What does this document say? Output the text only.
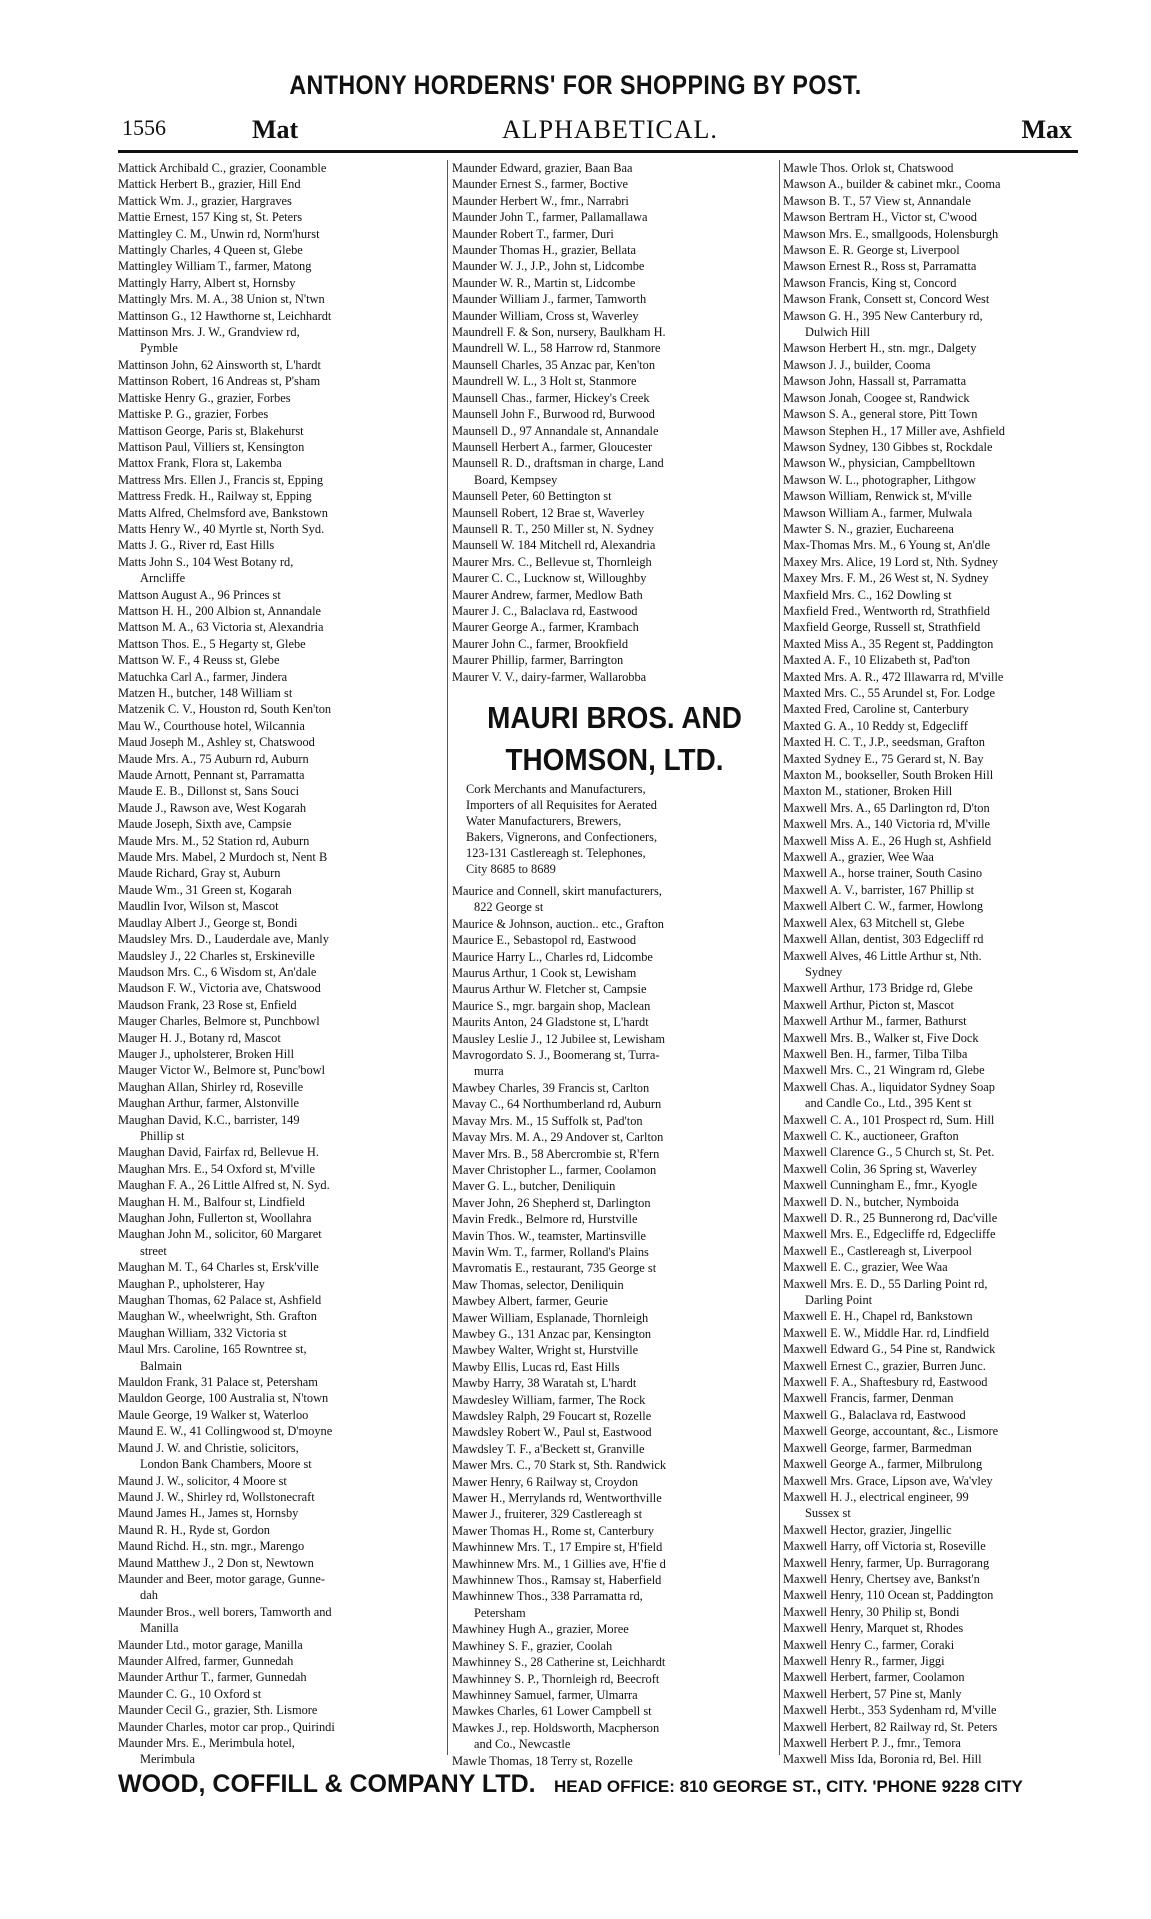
ANTHONY HORDERNS' FOR SHOPPING BY POST.
1556	Mat	ALPHABETICAL.	Max
Mattick Archibald C., grazier, Coonamble
Mattick Herbert B., grazier, Hill End
Mattick Wm. J., grazier, Hargraves
Mattie Ernest, 157 King st, St. Peters
Mattingley C. M., Unwin rd, Norm'hurst
Mattingly Charles, 4 Queen st, Glebe
Mattingley William T., farmer, Matong
Mattingly Harry, Albert st, Hornsby
Mattingly Mrs. M. A., 38 Union st, N'twn
Mattinson G., 12 Hawthorne st, Leichhardt
Mattinson Mrs. J. W., Grandview rd,
Pymble
Mattinson John, 62 Ainsworth st, L'hardt
Mattinson Robert, 16 Andreas st, P'sham
Mattiske Henry G., grazier, Forbes
Mattiske P. G., grazier, Forbes
Mattison George, Paris st, Blakehurst
Mattison Paul, Villiers st, Kensington
Mattox Frank, Flora st, Lakemba
Mattress Mrs. Ellen J., Francis st, Epping
Mattress Fredk. H., Railway st, Epping
Matts Alfred, Chelmsford ave, Bankstown
Matts Henry W., 40 Myrtle st, North Syd.
Matts J. G., River rd, East Hills
Matts John S., 104 West Botany rd,
Arncliffe
Mattson August A., 96 Princes st
Mattson H. H., 200 Albion st, Annandale
Mattson M. A., 63 Victoria st, Alexandria
Mattson Thos. E., 5 Hegarty st, Glebe
Mattson W. F., 4 Reuss st, Glebe
Matuchka Carl A., farmer, Jindera
Matzen H., butcher, 148 William st
Matzenik C. V., Houston rd, South Ken'ton
Mau W., Courthouse hotel, Wilcannia
Maud Joseph M., Ashley st, Chatswood
Maude Mrs. A., 75 Auburn rd, Auburn
Maude Arnott, Pennant st, Parramatta
Maude E. B., Dillonst st, Sans Souci
Maude J., Rawson ave, West Kogarah
Maude Joseph, Sixth ave, Campsie
Maude Mrs. M., 52 Station rd, Auburn
Maude Mrs. Mabel, 2 Murdoch st, Nent B
Maude Richard, Gray st, Auburn
Maude Wm., 31 Green st, Kogarah
Maudlin Ivor, Wilson st, Mascot
Maudlay Albert J., George st, Bondi
Maudsley Mrs. D., Lauderdale ave, Manly
Maudsley J., 22 Charles st, Erskineville
Maudson Mrs. C., 6 Wisdom st, An'dale
Maudson F. W., Victoria ave, Chatswood
Maudson Frank, 23 Rose st, Enfield
Mauger Charles, Belmore st, Punchbowl
Mauger H. J., Botany rd, Mascot
Mauger J., upholsterer, Broken Hill
Mauger Victor W., Belmore st, Punc'bowl
Maughan Allan, Shirley rd, Roseville
Maughan Arthur, farmer, Alstonville
Maughan David, K.C., barrister, 149
Phillip st
Maughan David, Fairfax rd, Bellevue H.
Maughan Mrs. E., 54 Oxford st, M'ville
Maughan F. A., 26 Little Alfred st, N. Syd.
Maughan H. M., Balfour st, Lindfield
Maughan John, Fullerton st, Woollahra
Maughan John M., solicitor, 60 Margaret
street
Maughan M. T., 64 Charles st, Ersk'ville
Maughan P., upholsterer, Hay
Maughan Thomas, 62 Palace st, Ashfield
Maughan W., wheelwright, Sth. Grafton
Maughan William, 332 Victoria st
Maul Mrs. Caroline, 165 Rowntree st,
Balmain
Mauldon Frank, 31 Palace st, Petersham
Mauldon George, 100 Australia st, N'town
Maule George, 19 Walker st, Waterloo
Maund E. W., 41 Collingwood st, D'moyne
Maund J. W. and Christie, solicitors,
London Bank Chambers, Moore st
Maund J. W., solicitor, 4 Moore st
Maund J. W., Shirley rd, Wollstonecraft
Maund James H., James st, Hornsby
Maund R. H., Ryde st, Gordon
Maund Richd. H., stn. mgr., Marengo
Maund Matthew J., 2 Don st, Newtown
Maunder and Beer, motor garage, Gunne-
dah
Maunder Bros., well borers, Tamworth and
Manilla
Maunder Ltd., motor garage, Manilla
Maunder Alfred, farmer, Gunnedah
Maunder Arthur T., farmer, Gunnedah
Maunder C. G., 10 Oxford st
Maunder Cecil G., grazier, Sth. Lismore
Maunder Charles, motor car prop., Quirindi
Maunder Mrs. E., Merimbula hotel,
Merimbula
Maunder Edward, grazier, Baan Baa
Maunder Ernest S., farmer, Boctive
Maunder Herbert W., fmr., Narrabri
Maunder John T., farmer, Pallamallawa
Maunder Robert T., farmer, Duri
Maunder Thomas H., grazier, Bellata
Maunder W. J., J.P., John st, Lidcombe
Maunder W. R., Martin st, Lidcombe
Maunder William J., farmer, Tamworth
Maunder William, Cross st, Waverley
Maundrell F. & Son, nursery, Baulkham H.
Maundrell W. L., 58 Harrow rd, Stanmore
Maunsell Charles, 35 Anzac par, Ken'ton
Maundrell W. L., 3 Holt st, Stanmore
Maunsell Chas., farmer, Hickey's Creek
Maunsell John F., Burwood rd, Burwood
Maunsell D., 97 Annandale st, Annandale
Maunsell Herbert A., farmer, Gloucester
Maunsell R. D., draftsman in charge, Land
Board, Kempsey
Maunsell Peter, 60 Bettington st
Maunsell Robert, 12 Brae st, Waverley
Maunsell R. T., 250 Miller st, N. Sydney
Maunsell W. 184 Mitchell rd, Alexandria
Maurer Mrs. C., Bellevue st, Thornleigh
Maurer C. C., Lucknow st, Willoughby
Maurer Andrew, farmer, Medlow Bath
Maurer J. C., Balaclava rd, Eastwood
Maurer George A., farmer, Krambach
Maurer John C., farmer, Brookfield
Maurer Phillip, farmer, Barrington
Maurer V. V., dairy-farmer, Wallarobba
MAURI BROS. AND
THOMSON, LTD.
Cork Merchants and Manufacturers,
Importers of all Requisites for Aerated
Water Manufacturers, Brewers,
Bakers, Vignerons, and Confectioners,
123-131 Castlereagh st. Telephones,
City 8685 to 8689
Maurice and Connell, skirt manufacturers,
822 George st
Maurice & Johnson, auction.. etc., Grafton
Maurice E., Sebastopol rd, Eastwood
Maurice Harry L., Charles rd, Lidcombe
Maurus Arthur, 1 Cook st, Lewisham
Maurus Arthur W. Fletcher st, Campsie
Maurice S., mgr. bargain shop, Maclean
Maurits Anton, 24 Gladstone st, L'hardt
Mausley Leslie J., 12 Jubilee st, Lewisham
Mavrogordato S. J., Boomerang st, Turra-
murra
Mawbey Charles, 39 Francis st, Carlton
Mavay C., 64 Northumberland rd, Auburn
Mavay Mrs. M., 15 Suffolk st, Pad'ton
Mavay Mrs. M. A., 29 Andover st, Carlton
Maver Mrs. B., 58 Abercrombie st, R'fern
Maver Christopher L., farmer, Coolamon
Maver G. L., butcher, Deniliquin
Maver John, 26 Shepherd st, Darlington
Mavin Fredk., Belmore rd, Hurstville
Mavin Thos. W., teamster, Martinsville
Mavin Wm. T., farmer, Rolland's Plains
Mavromatis E., restaurant, 735 George st
Maw Thomas, selector, Deniliquin
Mawbey Albert, farmer, Geurie
Mawer William, Esplanade, Thornleigh
Mawbey G., 131 Anzac par, Kensington
Mawbey Walter, Wright st, Hurstville
Mawby Ellis, Lucas rd, East Hills
Mawby Harry, 38 Waratah st, L'hardt
Mawdesley William, farmer, The Rock
Mawdsley Ralph, 29 Foucart st, Rozelle
Mawdsley Robert W., Paul st, Eastwood
Mawdsley T. F., a'Beckett st, Granville
Mawer Mrs. C., 70 Stark st, Sth. Randwick
Mawer Henry, 6 Railway st, Croydon
Mawer H., Merrylands rd, Wentworthville
Mawer J., fruiterer, 329 Castlereagh st
Mawer Thomas H., Rome st, Canterbury
Mawhinnew Mrs. T., 17 Empire st, H'field
Mawhinnew Mrs. M., 1 Gillies ave, H'fie d
Mawhinnew Thos., Ramsay st, Haberfield
Mawhinnew Thos., 338 Parramatta rd,
Petersham
Mawhiney Hugh A., grazier, Moree
Mawhiney S. F., grazier, Coolah
Mawhinney S., 28 Catherine st, Leichhardt
Mawhinney S. P., Thornleigh rd, Beecroft
Mawhinney Samuel, farmer, Ulmarra
Mawkes Charles, 61 Lower Campbell st
Mawkes J., rep. Holdsworth, Macpherson
and Co., Newcastle
Mawle Thomas, 18 Terry st, Rozelle
Mawle Thos. Orlok st, Chatswood
Mawson A., builder & cabinet mkr., Cooma
Mawson B. T., 57 View st, Annandale
Mawson Bertram H., Victor st, C'wood
Mawson Mrs. E., smallgoods, Holensburgh
Mawson E. R. George st, Liverpool
Mawson Ernest R., Ross st, Parramatta
Mawson Francis, King st, Concord
Mawson Frank, Consett st, Concord West
Mawson G. H., 395 New Canterbury rd,
Dulwich Hill
Mawson Herbert H., stn. mgr., Dalgety
Mawson J. J., builder, Cooma
Mawson John, Hassall st, Parramatta
Mawson Jonah, Coogee st, Randwick
Mawson S. A., general store, Pitt Town
Mawson Stephen H., 17 Miller ave, Ashfield
Mawson Sydney, 130 Gibbes st, Rockdale
Mawson W., physician, Campbelltown
Mawson W. L., photographer, Lithgow
Mawson William, Renwick st, M'ville
Mawson William A., farmer, Mulwala
Mawter S. N., grazier, Euchareena
Max-Thomas Mrs. M., 6 Young st, An'dle
Maxey Mrs. Alice, 19 Lord st, Nth. Sydney
Maxey Mrs. F. M., 26 West st, N. Sydney
Maxfield Mrs. C., 162 Dowling st
Maxfield Fred., Wentworth rd, Strathfield
Maxfield George, Russell st, Strathfield
Maxted Miss A., 35 Regent st, Paddington
Maxted A. F., 10 Elizabeth st, Pad'ton
Maxted Mrs. A. R., 472 Illawarra rd, M'ville
Maxted Mrs. C., 55 Arundel st, For. Lodge
Maxted Fred, Caroline st, Canterbury
Maxted G. A., 10 Reddy st, Edgecliff
Maxted H. C. T., J.P., seedsman, Grafton
Maxted Sydney E., 75 Gerard st, N. Bay
Maxton M., bookseller, South Broken Hill
Maxton M., stationer, Broken Hill
Maxwell Mrs. A., 65 Darlington rd, D'ton
Maxwell Mrs. A., 140 Victoria rd, M'ville
Maxwell Miss A. E., 26 Hugh st, Ashfield
Maxwell A., grazier, Wee Waa
Maxwell A., horse trainer, South Casino
Maxwell A. V., barrister, 167 Phillip st
Maxwell Albert C. W., farmer, Howlong
Maxwell Alex, 63 Mitchell st, Glebe
Maxwell Allan, dentist, 303 Edgecliff rd
Maxwell Alves, 46 Little Arthur st, Nth.
Sydney
Maxwell Arthur, 173 Bridge rd, Glebe
Maxwell Arthur, Picton st, Mascot
Maxwell Arthur M., farmer, Bathurst
Maxwell Mrs. B., Walker st, Five Dock
Maxwell Ben. H., farmer, Tilba Tilba
Maxwell Mrs. C., 21 Wingram rd, Glebe
Maxwell Chas. A., liquidator Sydney Soap
and Candle Co., Ltd., 395 Kent st
Maxwell C. A., 101 Prospect rd, Sum. Hill
Maxwell C. K., auctioneer, Grafton
Maxwell Clarence G., 5 Church st, St. Pet.
Maxwell Colin, 36 Spring st, Waverley
Maxwell Cunningham E., fmr., Kyogle
Maxwell D. N., butcher, Nymboida
Maxwell D. R., 25 Bunnerong rd, Dac'ville
Maxwell Mrs. E., Edgecliffe rd, Edgecliffe
Maxwell E., Castlereagh st, Liverpool
Maxwell E. C., grazier, Wee Waa
Maxwell Mrs. E. D., 55 Darling Point rd,
Darling Point
Maxwell E. H., Chapel rd, Bankstown
Maxwell E. W., Middle Har. rd, Lindfield
Maxwell Edward G., 54 Pine st, Randwick
Maxwell Ernest C., grazier, Burren Junc.
Maxwell F. A., Shaftesbury rd, Eastwood
Maxwell Francis, farmer, Denman
Maxwell G., Balaclava rd, Eastwood
Maxwell George, accountant, &c., Lismore
Maxwell George, farmer, Barmedman
Maxwell George A., farmer, Milbrulong
Maxwell Mrs. Grace, Lipson ave, Wa'vley
Maxwell H. J., electrical engineer, 99
Sussex st
Maxwell Hector, grazier, Jingellic
Maxwell Harry, off Victoria st, Roseville
Maxwell Henry, farmer, Up. Burragorang
Maxwell Henry, Chertsey ave, Bankst'n
Maxwell Henry, 110 Ocean st, Paddington
Maxwell Henry, 30 Philip st, Bondi
Maxwell Henry, Marquet st, Rhodes
Maxwell Henry C., farmer, Coraki
Maxwell Henry R., farmer, Jiggi
Maxwell Herbert, farmer, Coolamon
Maxwell Herbert, 57 Pine st, Manly
Maxwell Herbt., 353 Sydenham rd, M'ville
Maxwell Herbert, 82 Railway rd, St. Peters
Maxwell Herbert P. J., fmr., Temora
Maxwell Miss Ida, Boronia rd, Bel. Hill
WOOD, COFFILL & COMPANY LTD. HEAD OFFICE: 810 GEORGE ST., CITY. 'PHONE 9228 CITY
